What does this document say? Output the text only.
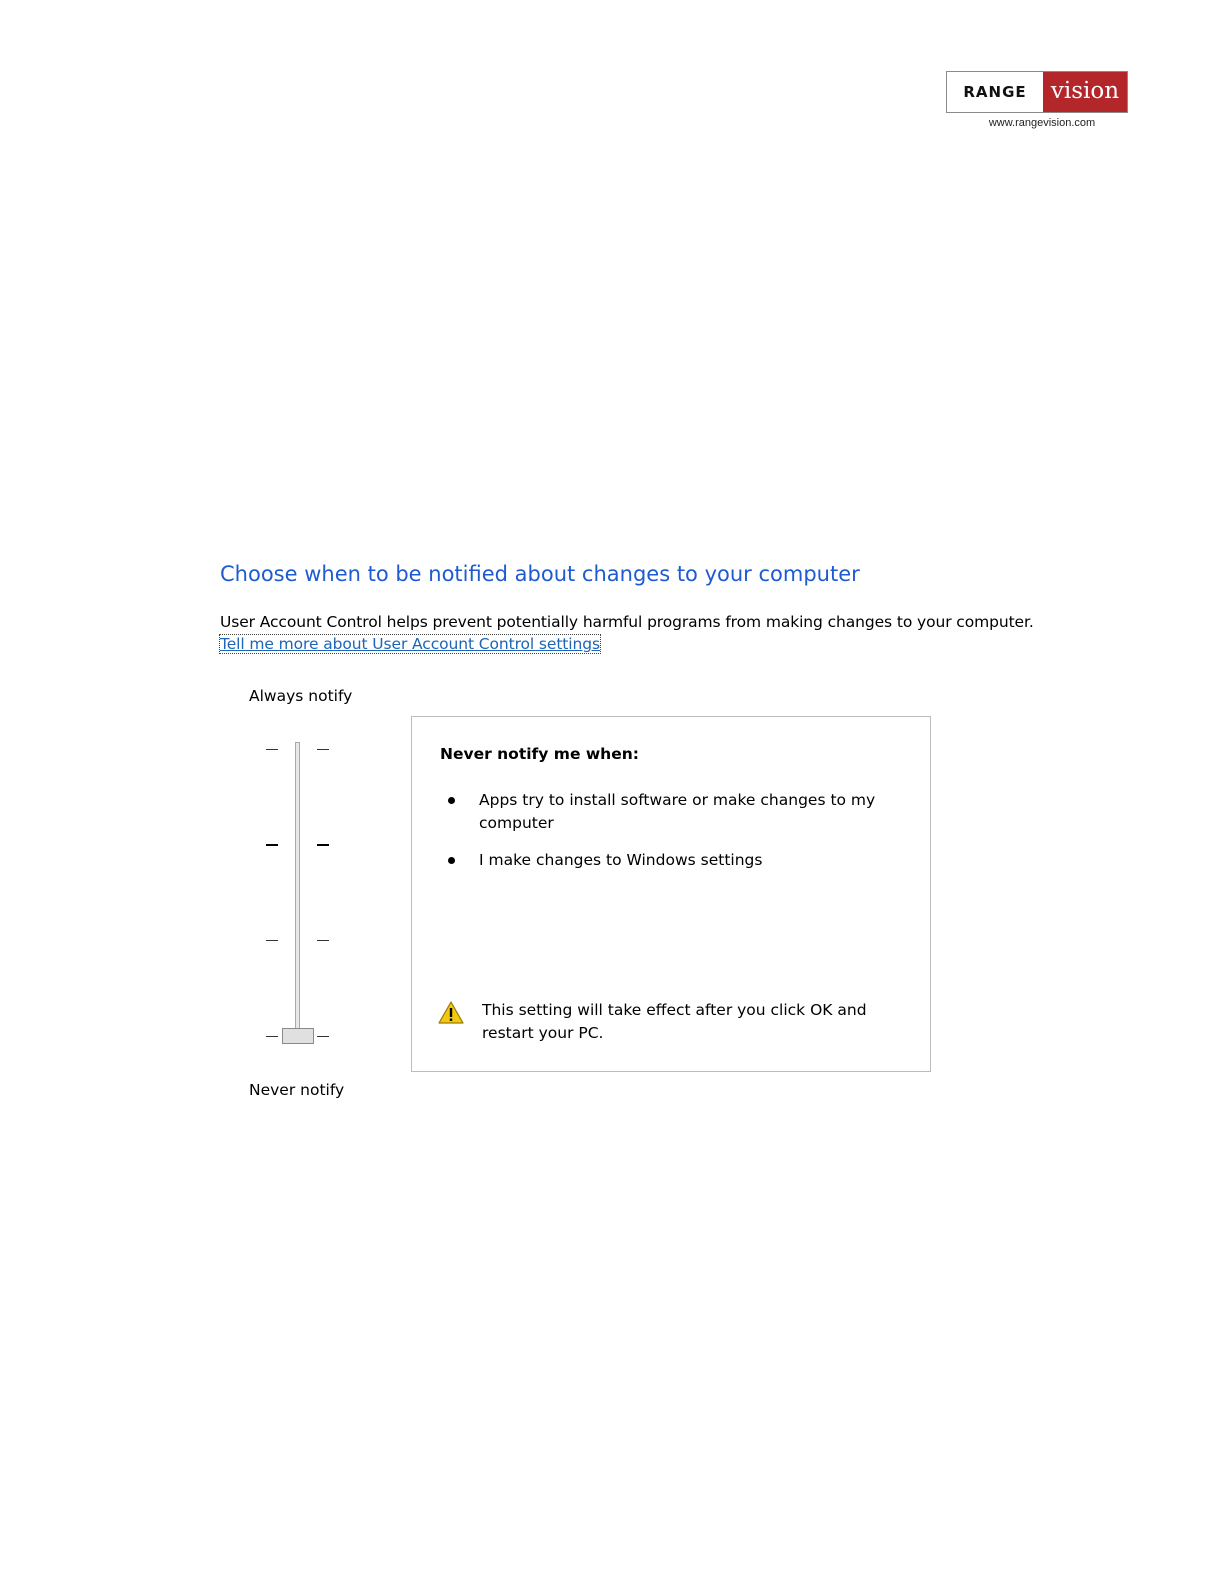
RANGE	vision
www.rangevision.com
Choose when to be notified about changes to your computer
User Account Control helps prevent potentially harmful programs from making changes to your computer.
Tell me more about User Account Control settings
Always notify
Never notify
Never notify me when:
Apps try to install software or make changes to my computer
I make changes to Windows settings
This setting will take effect after you click OK and restart your PC.
